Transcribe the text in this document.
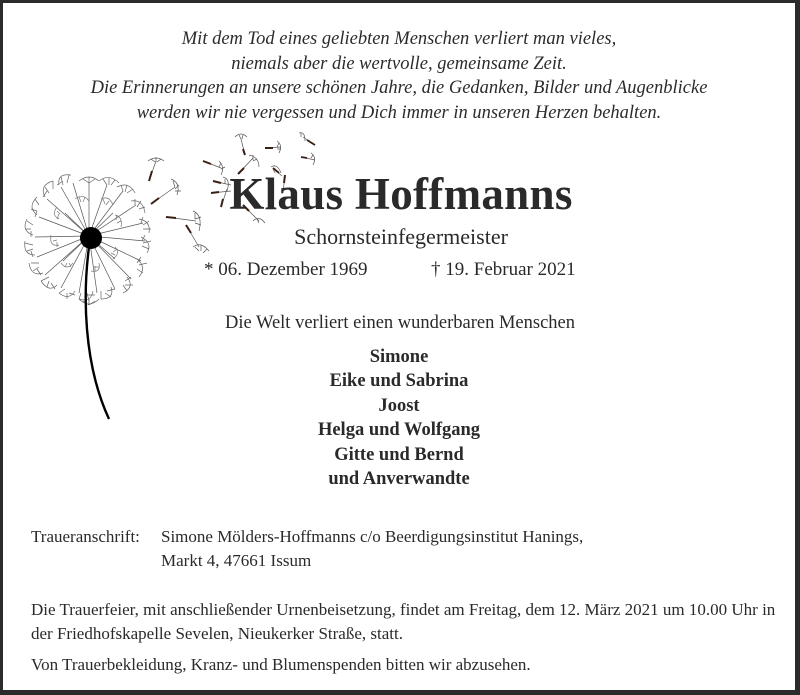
Mit dem Tod eines geliebten Menschen verliert man vieles,
niemals aber die wertvolle, gemeinsame Zeit.
Die Erinnerungen an unsere schönen Jahre, die Gedanken, Bilder und Augenblicke
werden wir nie vergessen und Dich immer in unseren Herzen behalten.
Klaus Hoffmanns
Schornsteinfegermeister
* 06. Dezember 1969	† 19. Februar 2021
Die Welt verliert einen wunderbaren Menschen
Simone
Eike und Sabrina
Joost
Helga und Wolfgang
Gitte und Bernd
und Anverwandte
Traueranschrift:	Simone Mölders-Hoffmanns c/o Beerdigungsinstitut Hanings,
Markt 4, 47661 Issum
Die Trauerfeier, mit anschließender Urnenbeisetzung, findet am Freitag, dem 12. März 2021 um 10.00 Uhr in der Friedhofskapelle Sevelen, Nieukerker Straße, statt.
Von Trauerbekleidung, Kranz- und Blumenspenden bitten wir abzusehen.
